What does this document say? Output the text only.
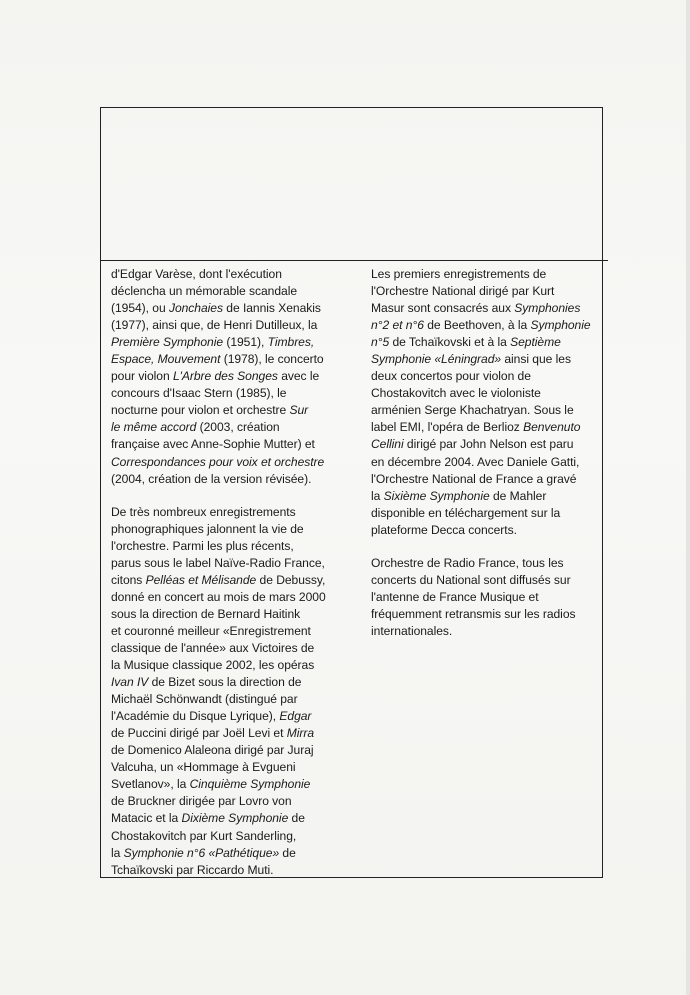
d'Edgar Varèse, dont l'exécution
déclencha un mémorable scandale
(1954), ou Jonchaies de Iannis Xenakis
(1977), ainsi que, de Henri Dutilleux, la
Première Symphonie (1951), Timbres,
Espace, Mouvement (1978), le concerto
pour violon L'Arbre des Songes avec le
concours d'Isaac Stern (1985), le
nocturne pour violon et orchestre Sur
le même accord (2003, création
française avec Anne-Sophie Mutter) et
Correspondances pour voix et orchestre
(2004, création de la version révisée).
De très nombreux enregistrements
phonographiques jalonnent la vie de
l'orchestre. Parmi les plus récents,
parus sous le label Naïve-Radio France,
citons Pelléas et Mélisande de Debussy,
donné en concert au mois de mars 2000
sous la direction de Bernard Haitink
et couronné meilleur «Enregistrement
classique de l'année» aux Victoires de
la Musique classique 2002, les opéras
Ivan IV de Bizet sous la direction de
Michaël Schönwandt (distingué par
l'Académie du Disque Lyrique), Edgar
de Puccini dirigé par Joël Levi et Mirra
de Domenico Alaleona dirigé par Juraj
Valcuha, un «Hommage à Evgueni
Svetlanov», la Cinquième Symphonie
de Bruckner dirigée par Lovro von
Matacic et la Dixième Symphonie de
Chostakovitch par Kurt Sanderling,
la Symphonie n°6 «Pathétique» de
Tchaïkovski par Riccardo Muti.
Les premiers enregistrements de
l'Orchestre National dirigé par Kurt
Masur sont consacrés aux Symphonies
n°2 et n°6 de Beethoven, à la Symphonie
n°5 de Tchaïkovski et à la Septième
Symphonie «Léningrad» ainsi que les
deux concertos pour violon de
Chostakovitch avec le violoniste
arménien Serge Khachatryan. Sous le
label EMI, l'opéra de Berlioz Benvenuto
Cellini dirigé par John Nelson est paru
en décembre 2004. Avec Daniele Gatti,
l'Orchestre National de France a gravé
la Sixième Symphonie de Mahler
disponible en téléchargement sur la
plateforme Decca concerts.
Orchestre de Radio France, tous les
concerts du National sont diffusés sur
l'antenne de France Musique et
fréquemment retransmis sur les radios
internationales.
